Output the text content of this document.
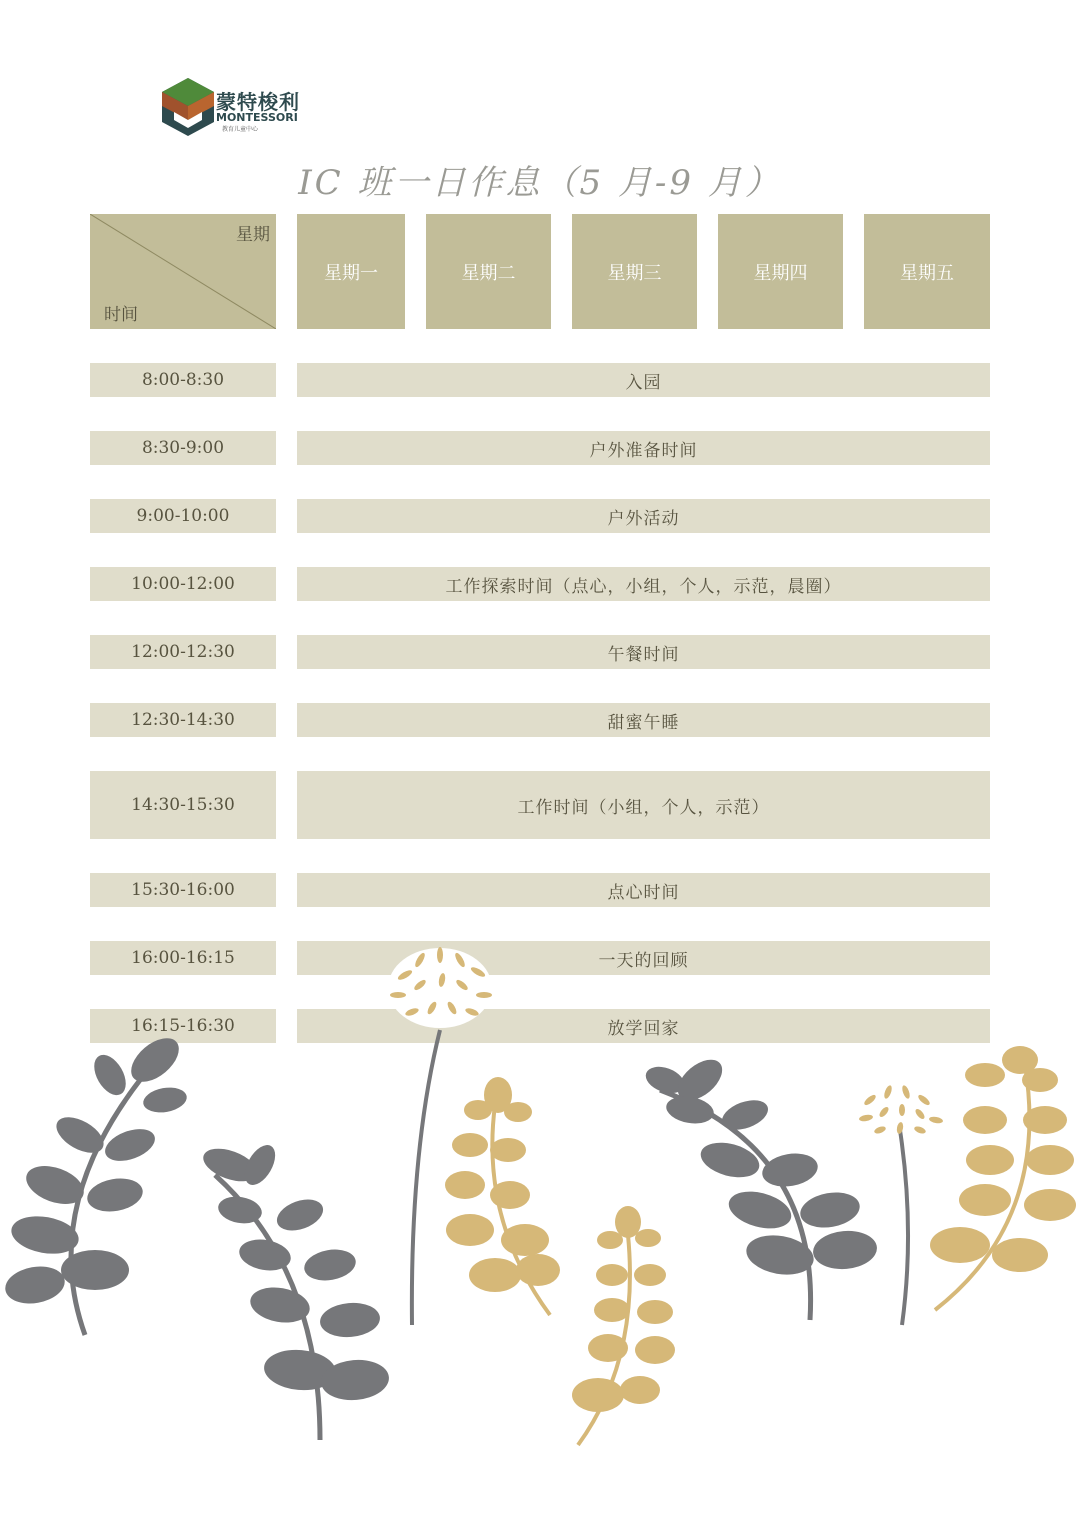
蒙特梭利
MONTESSORI
教育儿童中心
IC 班一日作息（5 月-9 月）
星期
时间
星期一	星期二	星期三	星期四	星期五
8:00-8:30	入园
8:30-9:00	户外准备时间
9:00-10:00	户外活动
10:00-12:00	工作探索时间（点心，小组，个人，示范，晨圈）
12:00-12:30	午餐时间
12:30-14:30	甜蜜午睡
14:30-15:30	工作时间（小组，个人，示范）
15:30-16:00	点心时间
16:00-16:15	一天的回顾
16:15-16:30	放学回家
